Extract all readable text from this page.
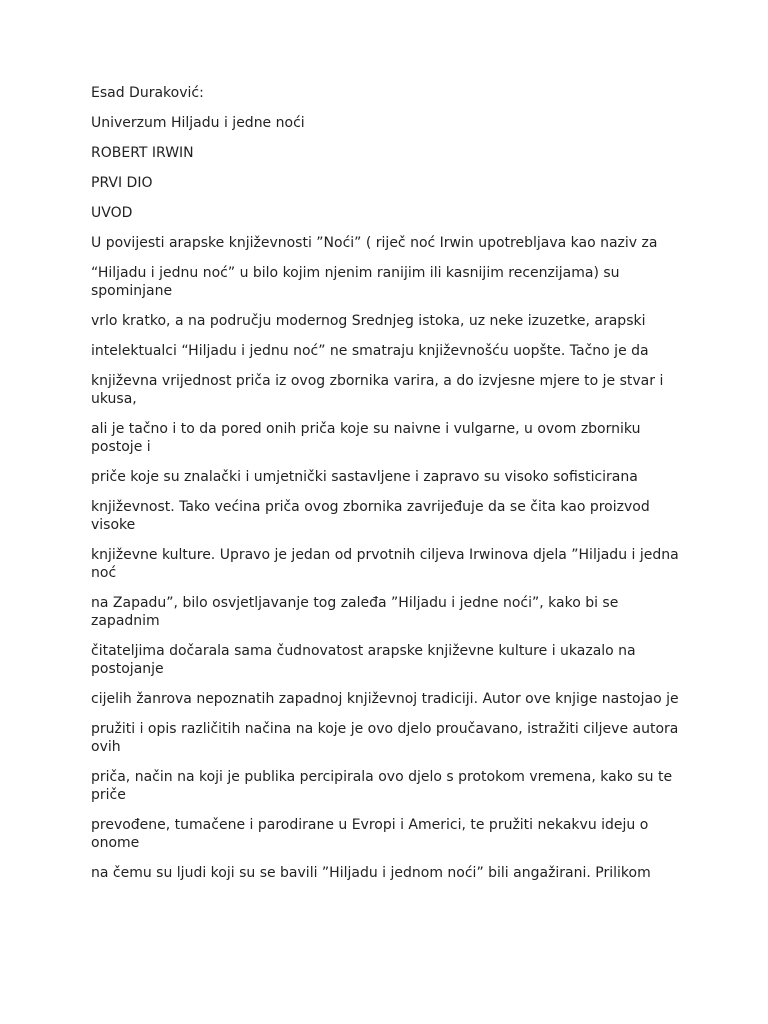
Esad Duraković:

Univerzum Hiljadu i jedne noći

ROBERT IRWIN

PRVI DIO

UVOD

U povijesti arapske književnosti ”Noći” ( riječ noć Irwin upotrebljava kao naziv za

“Hiljadu i jednu noć” u bilo kojim njenim ranijim ili kasnijim recenzijama) su spominjane

vrlo kratko, a na području modernog Srednjeg istoka, uz neke izuzetke, arapski

intelektualci “Hiljadu i jednu noć” ne smatraju književnošću uopšte. Tačno je da

književna vrijednost priča iz ovog zbornika varira, a do izvjesne mjere to je stvar i ukusa,

ali je tačno i to da pored onih priča koje su naivne i vulgarne, u ovom zborniku postoje i

priče koje su znalački i umjetnički sastavljene i zapravo su visoko sofisticirana

književnost. Tako većina priča ovog zbornika zavrijeđuje da se čita kao proizvod visoke

književne kulture. Upravo je jedan od prvotnih ciljeva Irwinova djela ”Hiljadu i jedna noć

na Zapadu”, bilo osvjetljavanje tog zaleđa ”Hiljadu i jedne noći”, kako bi se zapadnim

čitateljima dočarala sama čudnovatost arapske književne kulture i ukazalo na postojanje

cijelih žanrova nepoznatih zapadnoj književnoj tradiciji. Autor ove knjige nastojao je

pružiti i opis različitih načina na koje je ovo djelo proučavano, istražiti ciljeve autora ovih

priča, način na koji je publika percipirala ovo djelo s protokom vremena, kako su te priče

prevođene, tumačene i parodirane u Evropi i Americi, te pružiti nekakvu ideju o onome

na čemu su ljudi koji su se bavili ”Hiljadu i jednom noći” bili angažirani. Prilikom
